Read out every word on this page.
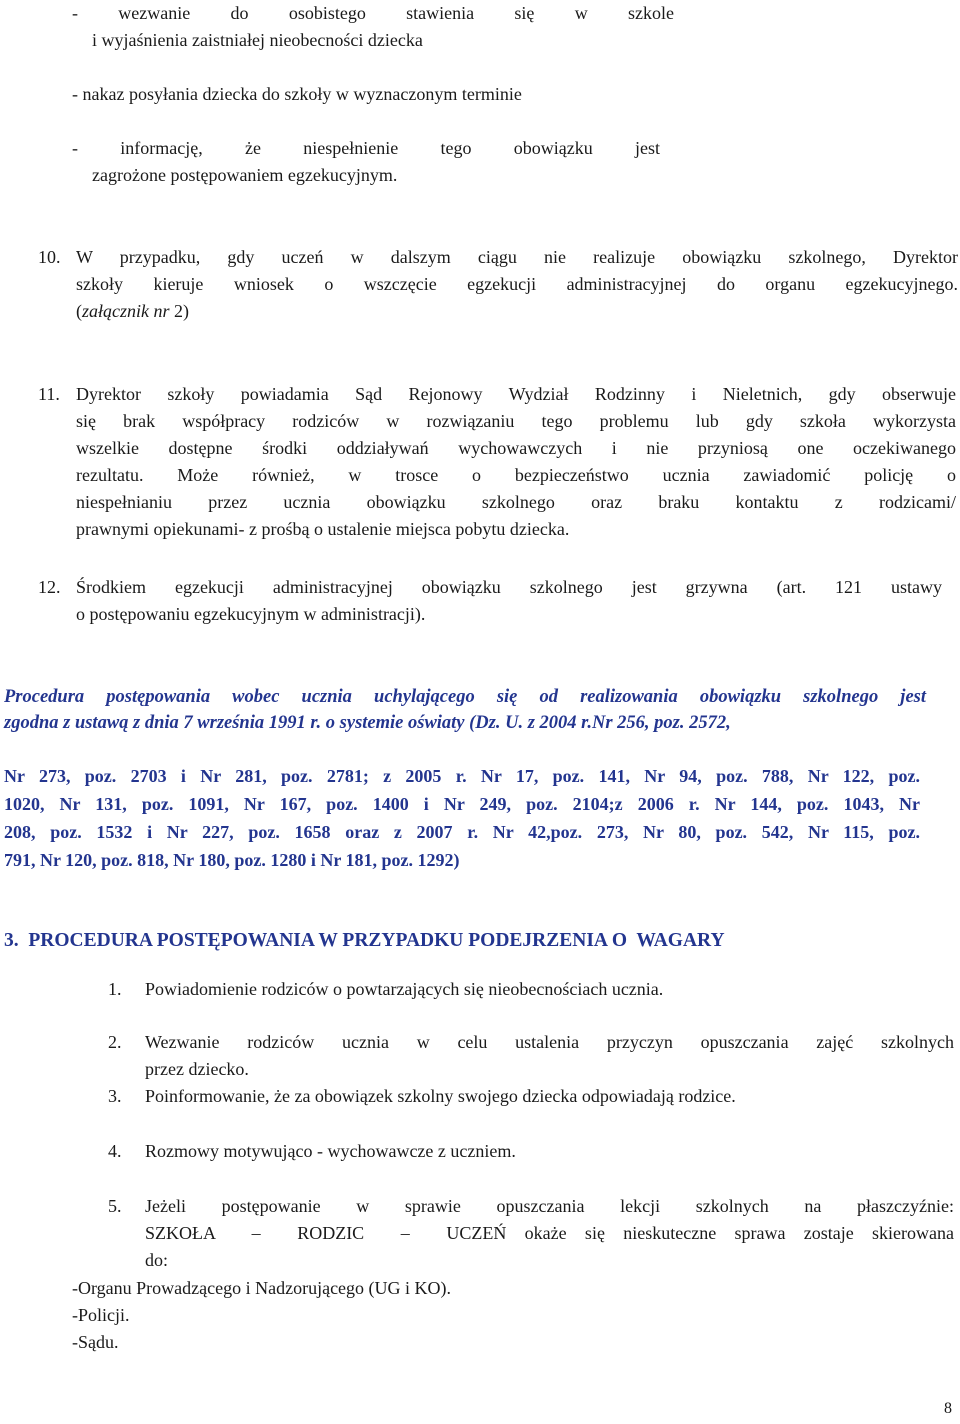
- wezwanie do osobistego stawienia się w szkole
i wyjaśnienia zaistniałej nieobecności dziecka
- nakaz posyłania dziecka do szkoły w wyznaczonym terminie
- informację, że niespełnienie tego obowiązku jest
zagrożone postępowaniem egzekucyjnym.
10. W przypadku, gdy uczeń w dalszym ciągu nie realizuje obowiązku szkolnego, Dyrektor
szkoły kieruje wniosek o wszczęcie egzekucji administracyjnej do organu egzekucyjnego.
(załącznik nr 2)
11. Dyrektor szkoły powiadamia Sąd Rejonowy Wydział Rodzinny i Nieletnich, gdy obserwuje
się brak współpracy rodziców w rozwiązaniu tego problemu lub gdy szkoła wykorzysta
wszelkie dostępne środki oddziaływań wychowawczych i nie przyniosą one oczekiwanego
rezultatu. Może również, w trosce o bezpieczeństwo ucznia zawiadomić policję o
niespełnianiu przez ucznia obowiązku szkolnego oraz braku kontaktu z rodzicami/
prawnymi opiekunami- z prośbą o ustalenie miejsca pobytu dziecka.
12. Środkiem egzekucji administracyjnej obowiązku szkolnego jest grzywna (art. 121 ustawy
o postępowaniu egzekucyjnym w administracji).
Procedura postępowania wobec ucznia uchylającego się od realizowania obowiązku szkolnego jest
zgodna z ustawą z dnia 7 września 1991 r. o systemie oświaty (Dz. U. z 2004 r.Nr 256, poz. 2572,
Nr 273, poz. 2703 i Nr 281, poz. 2781; z 2005 r. Nr 17, poz. 141, Nr 94, poz. 788, Nr 122, poz.
1020, Nr 131, poz. 1091, Nr 167, poz. 1400 i Nr 249, poz. 2104;z 2006 r. Nr 144, poz. 1043, Nr
208, poz. 1532 i Nr 227, poz. 1658 oraz z 2007 r. Nr 42,poz. 273, Nr 80, poz. 542, Nr 115, poz.
791, Nr 120, poz. 818, Nr 180, poz. 1280 i Nr 181, poz. 1292)
3.  PROCEDURA POSTĘPOWANIA W PRZYPADKU PODEJRZENIA O  WAGARY
1. Powiadomienie rodziców o powtarzających się nieobecnościach ucznia.
2. Wezwanie rodziców ucznia w celu ustalenia przyczyn opuszczania zajęć szkolnych
przez dziecko.
3. Poinformowanie, że za obowiązek szkolny swojego dziecka odpowiadają rodzice.
4. Rozmowy motywująco - wychowawcze z uczniem.
5. Jeżeli postępowanie w sprawie opuszczania lekcji szkolnych na płaszczyźnie:
SZKOŁA  –  RODZIC  –  UCZEŃ okaże się nieskuteczne sprawa zostaje skierowana
do:
-Organu Prowadzącego i Nadzorującego (UG i KO).
-Policji.
-Sądu.
8
